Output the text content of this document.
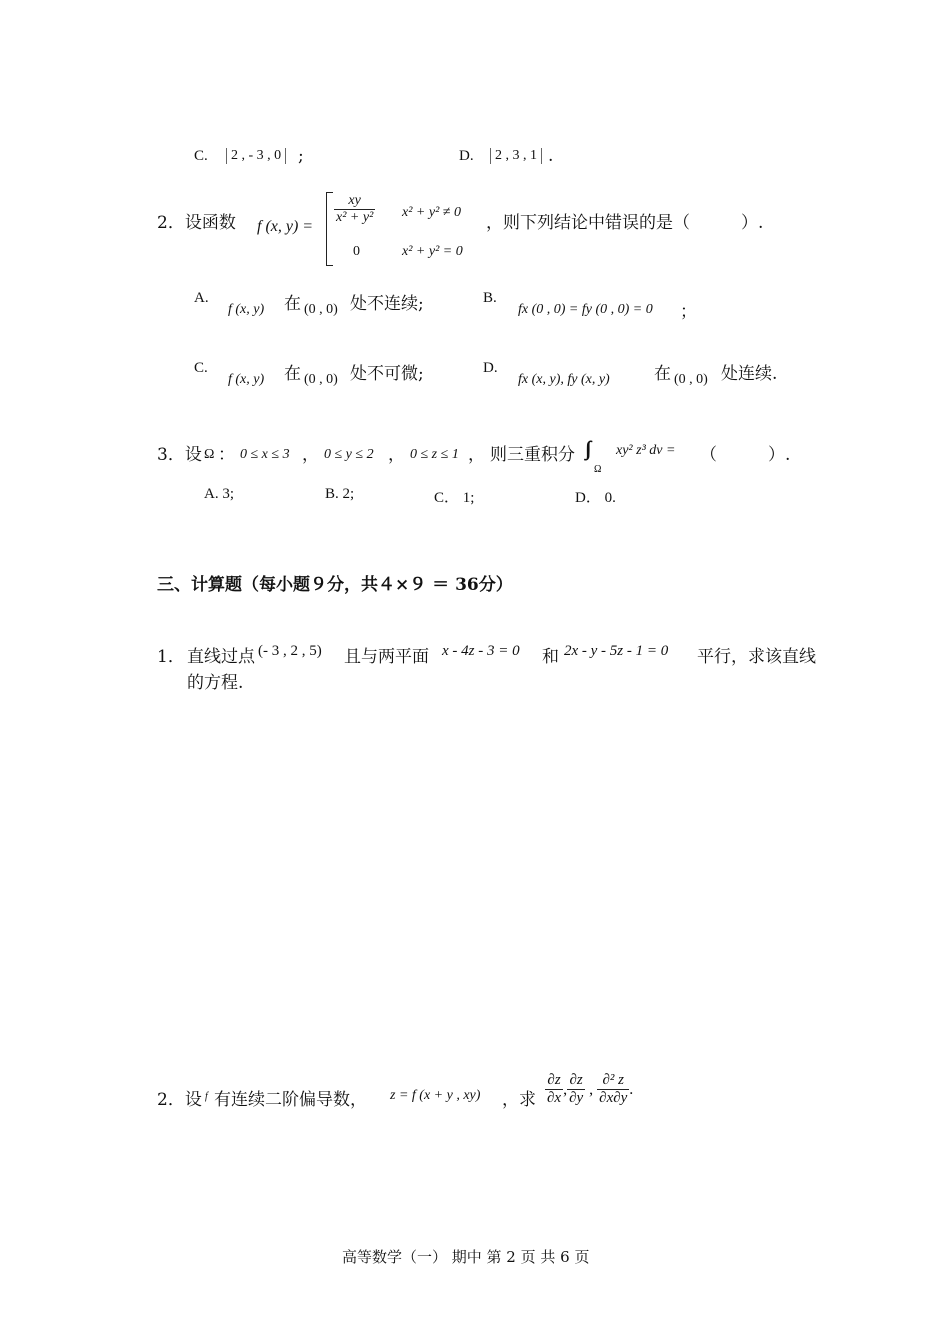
C.	2 , - 3 , 0 ;	D.	2 , 3 , 1 .
2．设函数 f (x, y) =
$\frac{xy}{\text{x² + y²}} x^2 + y^2 \ne 0$
0	x² + y² = 0
，则下列结论中错误的是（　　　）.
A.
f (x, y) 在 (0 , 0) 处不连续;	B.
fx (0 , 0) = fy (0 , 0) = 0 ；
C.
f (x, y) 在 (0 , 0) 处不可微;	D.
fx (x, y), fy (x, y)	在 (0 , 0) 处连续.
3．设 Ω ： 0 ≤ x ≤ 3 ， 0 ≤ y ≤ 2 ， 0 ≤ z ≤ 1 ， 则三重积分
Ω
xy² z³ dv = （　　　）.
A. 3;	B. 2;	C． 1;	D． 0.
三、计算题（每小题９分，共４×９ ＝ 36分）
1． 直线过点 (- 3 , 2 , 5) 且与两平面 x - 4z - 3 = 0 和 2x - y - 5z - 1 = 0 平行，求该直线
的方程.
2．设 f 有连续二阶偏导数， z = f (x + y , xy) ，求 $\frac{\partial z}{\partial x}$ , $\frac{\partial z}{\partial y}$ , $\frac{\text{∂² z}}{\partial x\partial y}$ .
高等数学（一） 期中 第 2 页 共 6 页
